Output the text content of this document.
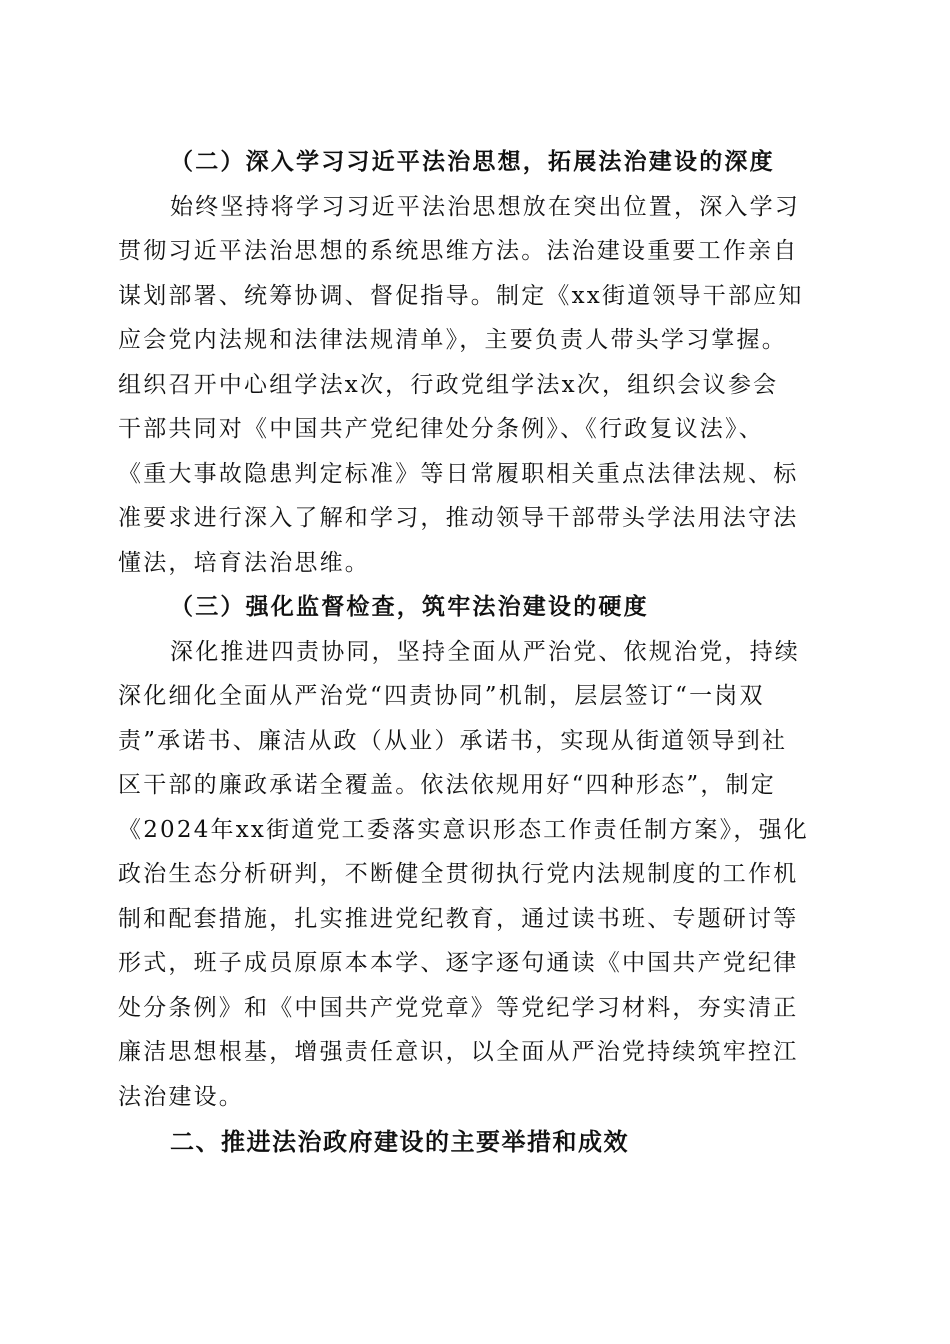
（二）深入学习习近平法治思想，拓展法治建设的深度
始终坚持将学习习近平法治思想放在突出位置，深入学习
贯彻习近平法治思想的系统思维方法。法治建设重要工作亲自
谋划部署、统筹协调、督促指导。制定《xx街道领导干部应知
应会党内法规和法律法规清单》，主要负责人带头学习掌握。
组织召开中心组学法x次，行政党组学法x次，组织会议参会
干部共同对《中国共产党纪律处分条例》、《行政复议法》、
《重大事故隐患判定标准》等日常履职相关重点法律法规、标
准要求进行深入了解和学习，推动领导干部带头学法用法守法
懂法，培育法治思维。
（三）强化监督检查，筑牢法治建设的硬度
深化推进四责协同，坚持全面从严治党、依规治党，持续
深化细化全面从严治党“四责协同”机制，层层签订“一岗双
责”承诺书、廉洁从政（从业）承诺书，实现从街道领导到社
区干部的廉政承诺全覆盖。依法依规用好“四种形态”，制定
《2024年xx街道党工委落实意识形态工作责任制方案》，强化
政治生态分析研判，不断健全贯彻执行党内法规制度的工作机
制和配套措施，扎实推进党纪教育，通过读书班、专题研讨等
形式，班子成员原原本本学、逐字逐句通读《中国共产党纪律
处分条例》和《中国共产党党章》等党纪学习材料，夯实清正
廉洁思想根基，增强责任意识，以全面从严治党持续筑牢控江
法治建设。
二、推进法治政府建设的主要举措和成效
